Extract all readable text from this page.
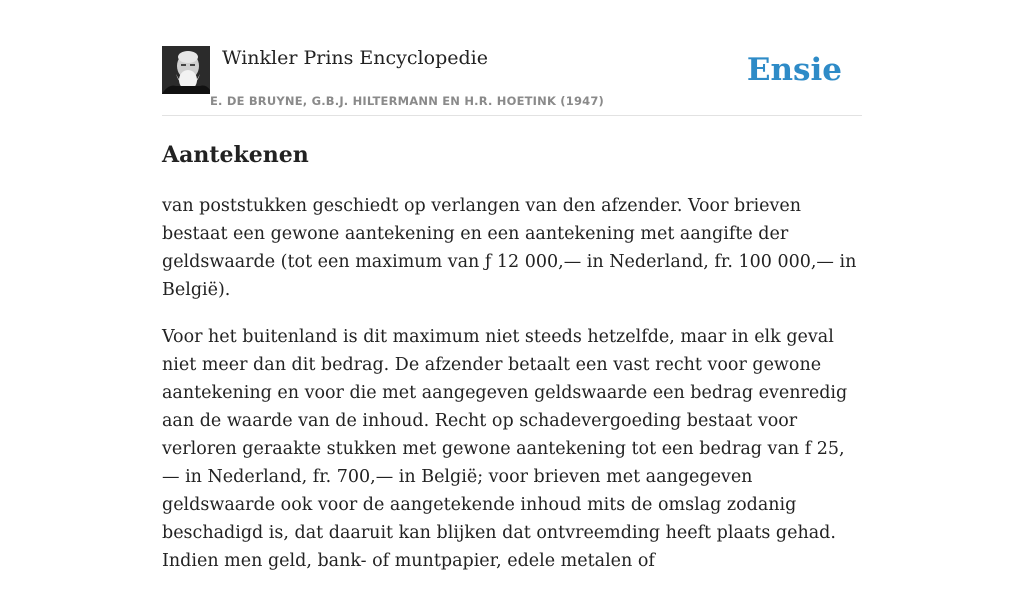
Winkler Prins Encyclopedie
E. DE BRUYNE, G.B.J. HILTERMANN EN H.R. HOETINK (1947)
Ensie
Aantekenen

van poststukken geschiedt op verlangen van den afzender. Voor brieven bestaat een gewone aantekening en een aantekening met aangifte der geldswaarde (tot een maximum van ƒ 12 000,— in Nederland, fr. 100 000,— in België).

Voor het buitenland is dit maximum niet steeds hetzelfde, maar in elk geval niet meer dan dit bedrag. De afzender betaalt een vast recht voor gewone aantekening en voor die met aangegeven geldswaarde een bedrag evenredig aan de waarde van de inhoud. Recht op schadevergoeding bestaat voor verloren geraakte stukken met gewone aantekening tot een bedrag van f 25,— in Nederland, fr. 700,— in België; voor brieven met aangegeven geldswaarde ook voor de aangetekende inhoud mits de omslag zodanig beschadigd is, dat daaruit kan blijken dat ontvreemding heeft plaats gehad. Indien men geld, bank- of muntpapier, edele metalen of
